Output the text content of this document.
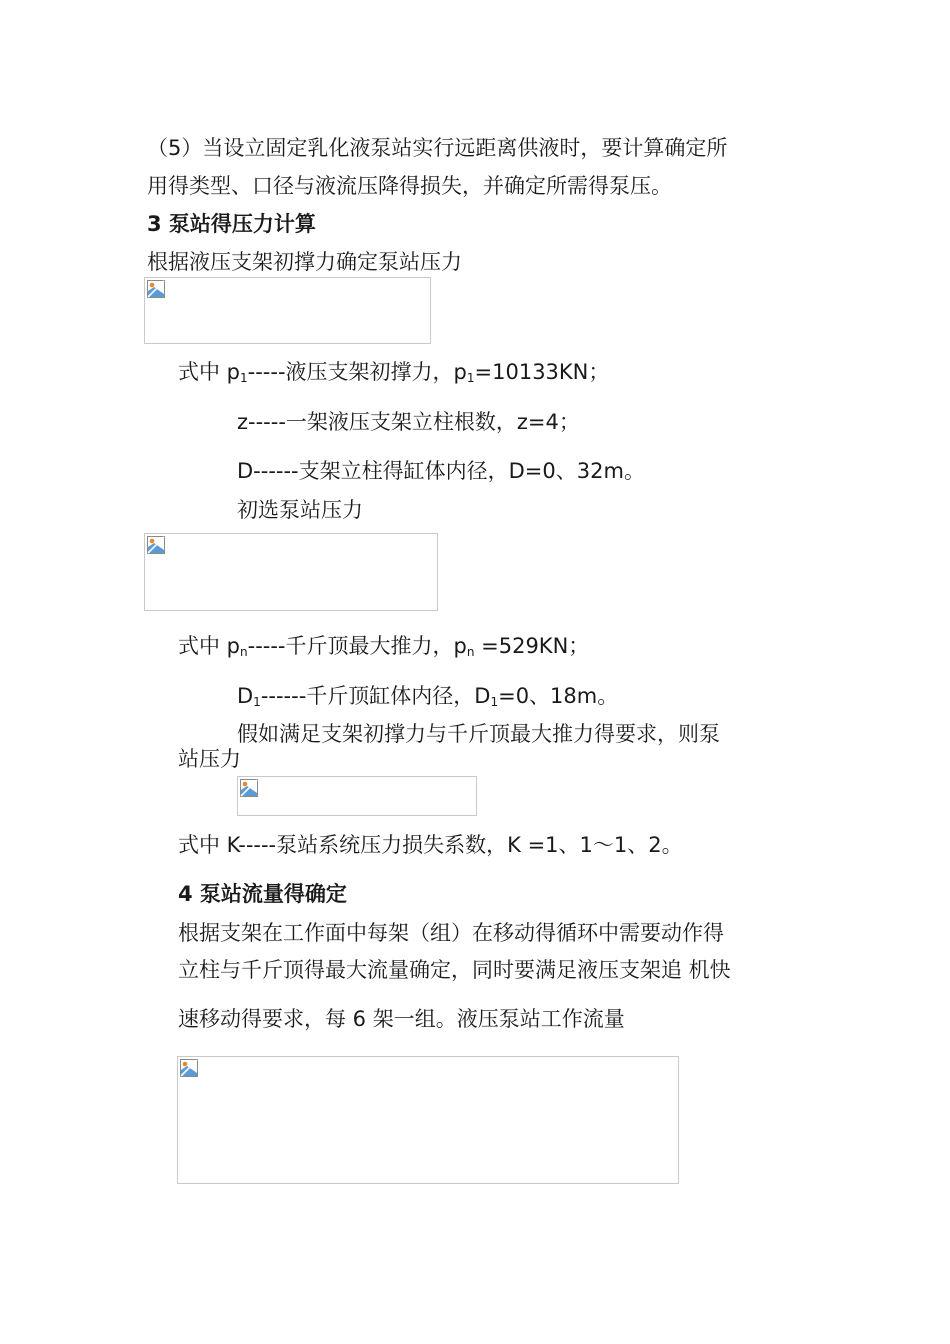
（5）当设立固定乳化液泵站实行远距离供液时，要计算确定所
用得类型、口径与液流压降得损失，并确定所需得泵压。
3 泵站得压力计算
根据液压支架初撑力确定泵站压力
式中 $p_1-----$液压支架初撑力，$p_1=10133KN$；
z-----一架液压支架立柱根数，z=4；
D------支架立柱得缸体内径，D=0、32m。
初选泵站压力
式中 $p_n-----$千斤顶最大推力，$p_n =529KN$；
$D_1------$千斤顶缸体内径，$D_1=0$、18m。
假如满足支架初撑力与千斤顶最大推力得要求，则泵
站压力
式中 K-----泵站系统压力损失系数，K =1、1～1、2。
4 泵站流量得确定
根据支架在工作面中每架（组）在移动得循环中需要动作得
立柱与千斤顶得最大流量确定，同时要满足液压支架追 机快
速移动得要求，每 6 架一组。液压泵站工作流量
